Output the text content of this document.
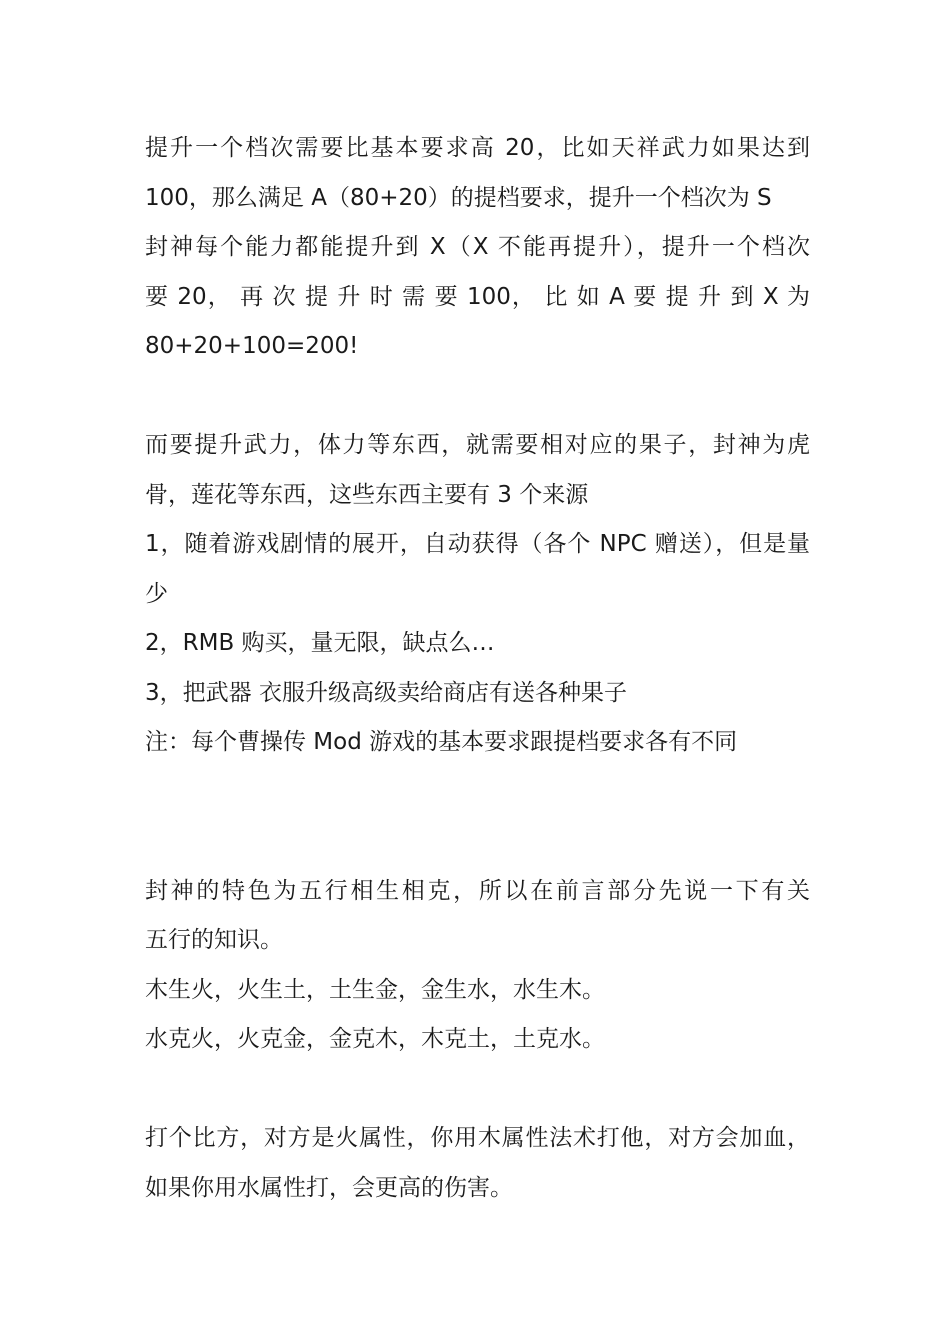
提升一个档次需要比基本要求高 20，比如天祥武力如果达到
100，那么满足 A（80+20）的提档要求，提升一个档次为 S
封神每个能力都能提升到 X（X 不能再提升），提升一个档次
要 20， 再 次 提 升 时 需 要 100， 比 如 A 要 提 升 到 X 为
80+20+100=200!
而要提升武力，体力等东西，就需要相对应的果子，封神为虎
骨，莲花等东西，这些东西主要有 3 个来源
1，随着游戏剧情的展开，自动获得（各个 NPC 赠送），但是量
少
2，RMB 购买，量无限，缺点么…
3，把武器 衣服升级高级卖给商店有送各种果子
注：每个曹操传 Mod 游戏的基本要求跟提档要求各有不同
封神的特色为五行相生相克，所以在前言部分先说一下有关
五行的知识。
木生火，火生土，土生金，金生水，水生木。
水克火，火克金，金克木，木克土，土克水。
打个比方，对方是火属性，你用木属性法术打他，对方会加血，
如果你用水属性打，会更高的伤害。
